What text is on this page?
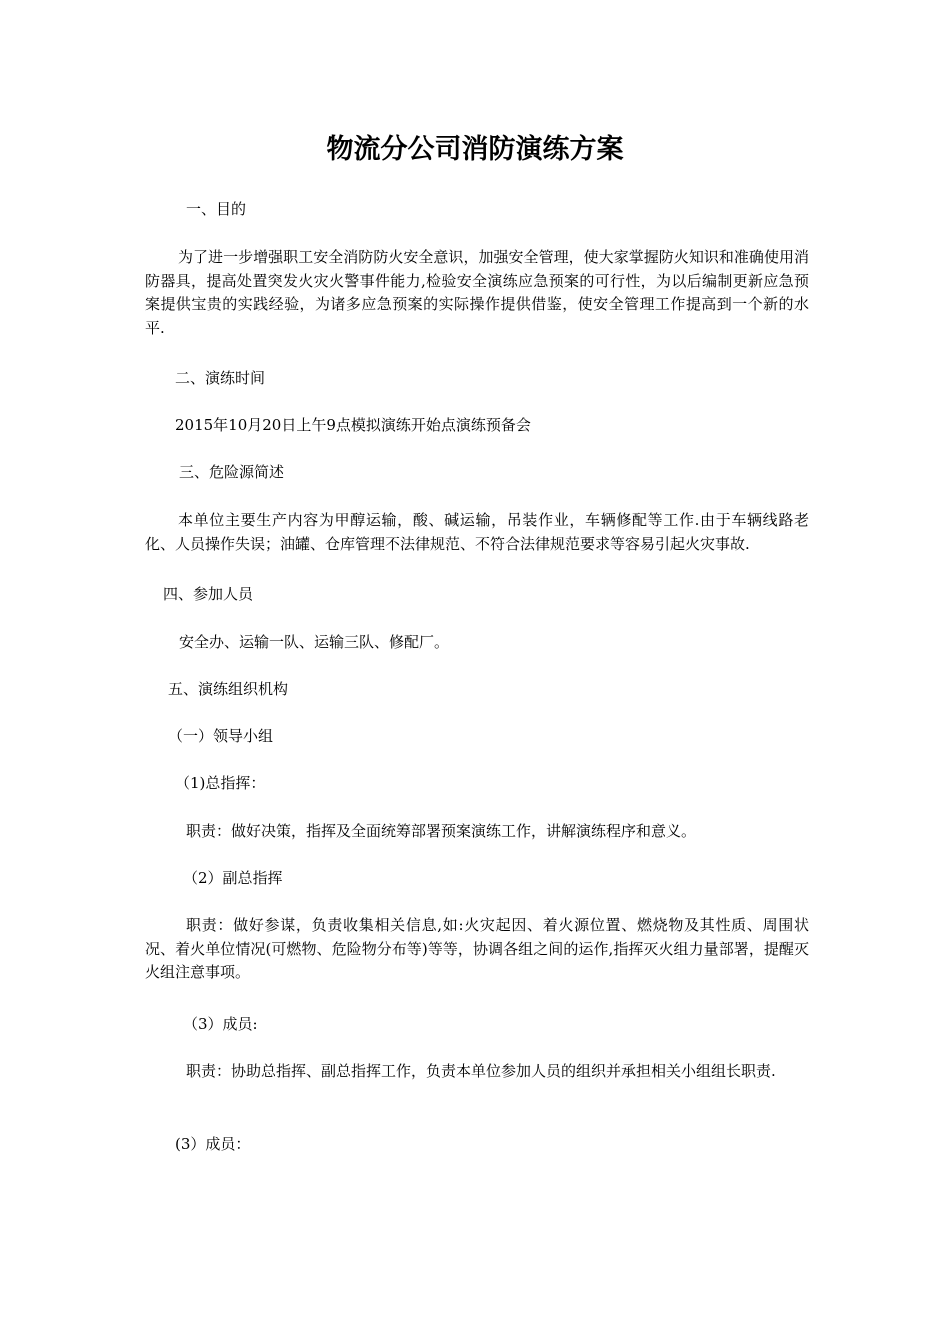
物流分公司消防演练方案

一、目的

为了进一步增强职工安全消防防火安全意识，加强安全管理，使大家掌握防火知识和准确使用消防器具，提高处置突发火灾火警事件能力,检验安全演练应急预案的可行性，为以后编制更新应急预案提供宝贵的实践经验，为诸多应急预案的实际操作提供借鉴，使安全管理工作提高到一个新的水平.

二、演练时间

2015年10月20日上午9点模拟演练开始点演练预备会

三、危险源简述

本单位主要生产内容为甲醇运输，酸、碱运输，吊装作业，车辆修配等工作.由于车辆线路老化、人员操作失误；油罐、仓库管理不法律规范、不符合法律规范要求等容易引起火灾事故.

四、参加人员

安全办、运输一队、运输三队、修配厂。

五、演练组织机构

（一）领导小组

（1)总指挥：

职责：做好决策，指挥及全面统筹部署预案演练工作，讲解演练程序和意义。

（2）副总指挥

职责：做好参谋，负责收集相关信息,如:火灾起因、着火源位置、燃烧物及其性质、周围状况、着火单位情况(可燃物、危险物分布等)等等，协调各组之间的运作,指挥灭火组力量部署，提醒灭火组注意事项。

（3）成员:

职责：协助总指挥、副总指挥工作，负责本单位参加人员的组织并承担相关小组组长职责.

(3）成员：
